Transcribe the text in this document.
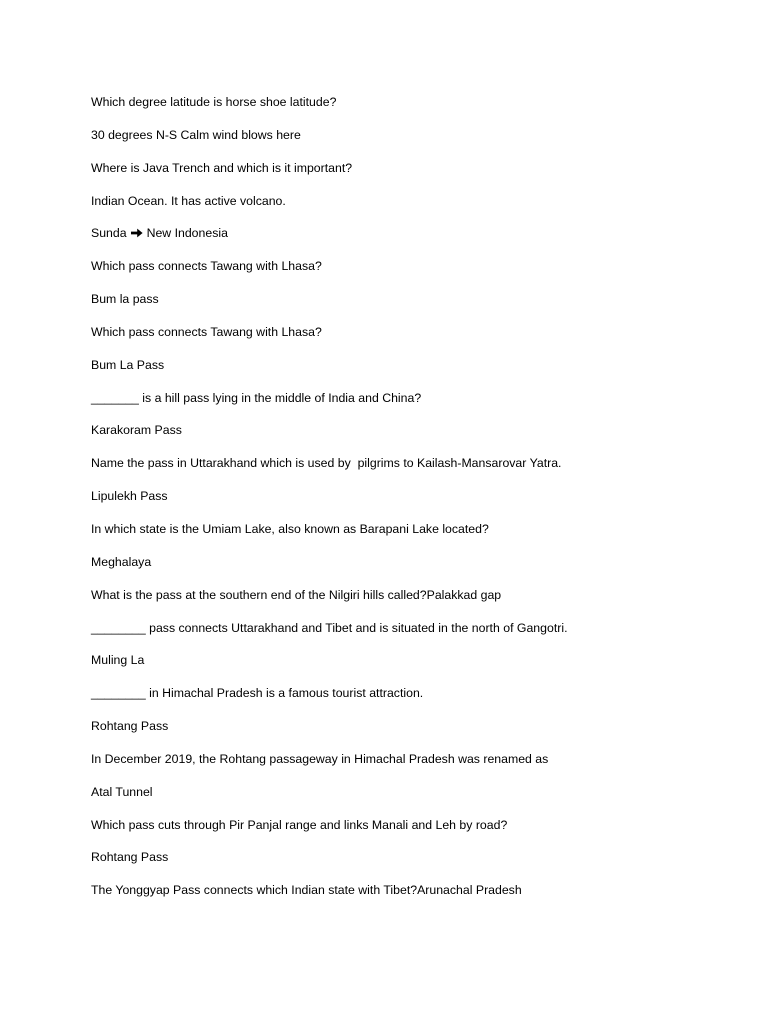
Which degree latitude is horse shoe latitude?
30 degrees N-S Calm wind blows here
Where is Java Trench and which is it important?
Indian Ocean. It has active volcano.
Sunda New Indonesia
Which pass connects Tawang with Lhasa?
Bum la pass
Which pass connects Tawang with Lhasa?
Bum La Pass
_______ is a hill pass lying in the middle of India and China?
Karakoram Pass
Name the pass in Uttarakhand which is used by  pilgrims to Kailash-Mansarovar Yatra.
Lipulekh Pass
In which state is the Umiam Lake, also known as Barapani Lake located?
Meghalaya
What is the pass at the southern end of the Nilgiri hills called?Palakkad gap
________ pass connects Uttarakhand and Tibet and is situated in the north of Gangotri.
Muling La
________ in Himachal Pradesh is a famous tourist attraction.
Rohtang Pass
In December 2019, the Rohtang passageway in Himachal Pradesh was renamed as
Atal Tunnel
Which pass cuts through Pir Panjal range and links Manali and Leh by road?
Rohtang Pass
The Yonggyap Pass connects which Indian state with Tibet?Arunachal Pradesh
